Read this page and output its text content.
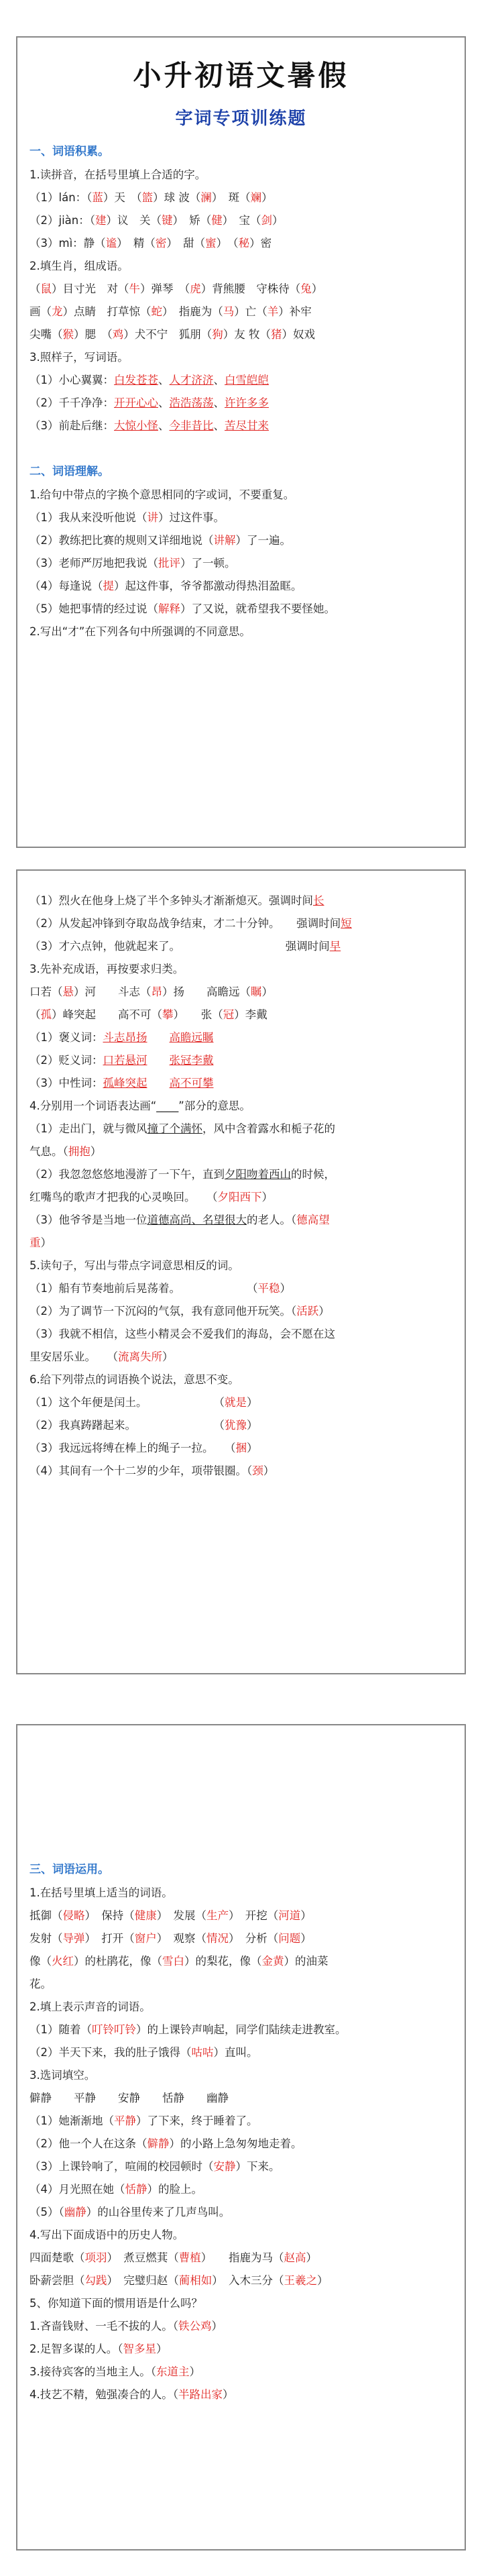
小升初语文暑假
字词专项训练题
一、词语积累。
1.读拼音，在括号里填上合适的字。
（1）lán：（蓝）天　（篮）球 波（澜）　斑（斓）
（2）jiàn：（建）议　关（键）　矫（健）　宝（剑）
（3）mì：静（谧）　精（密）　甜（蜜）　（秘）密
2.填生肖，组成语。
（鼠）目寸光　对（牛）弹琴　（虎）背熊腰　守株待（兔）
画（龙）点睛　打草惊（蛇）　指鹿为（马）亡（羊）补牢
尖嘴（猴）腮　（鸡）犬不宁　狐朋（狗）友 牧（猪）奴戏
3.照样子，写词语。
（1）小心翼翼：白发苍苍、人才济济、白雪皑皑
（2）千千净净：开开心心、浩浩荡荡、许许多多
（3）前赴后继：大惊小怪、今非昔比、苦尽甘来
二、词语理解。
1.给句中带点的字换个意思相同的字或词，不要重复。
（1）我从来没听他说（讲）过这件事。
（2）教练把比赛的规则又详细地说（讲解）了一遍。
（3）老师严厉地把我说（批评）了一顿。
（4）每逢说（提）起这件事，爷爷都激动得热泪盈眶。
（5）她把事情的经过说（解释）了又说，就希望我不要怪她。
2.写出“才”在下列各句中所强调的不同意思。
（1）烈火在他身上烧了半个多钟头才渐渐熄灭。强调时间长
（2）从发起冲锋到夺取岛战争结束，才二十分钟。　　强调时间短
（3）才六点钟，他就起来了。　　　　　　　　　　强调时间早
3.先补充成语，再按要求归类。
口若（悬）河　　斗志（昂）扬　　高瞻远（瞩）
（孤）峰突起　　高不可（攀）　　张（冠）李戴
（1）褒义词：斗志昂扬　　 高瞻远瞩
（2）贬义词：口若悬河　　 张冠李戴
（3）中性词：孤峰突起　　 高不可攀
4.分别用一个词语表达画“____”部分的意思。
（1）走出门，就与微风撞了个满怀，风中含着露水和栀子花的
气息。（拥抱）
（2）我忽忽悠悠地漫游了一下午，直到夕阳吻着西山的时候，
红嘴鸟的歌声才把我的心灵唤回。　　（夕阳西下）
（3）他爷爷是当地一位道德高尚、名望很大的老人。（德高望
重）
5.读句子，写出与带点字词意思相反的词。
（1）船有节奏地前后晃荡着。　　　　　　　（平稳）
（2）为了调节一下沉闷的气氛，我有意同他开玩笑。（活跃）
（3）我就不相信，这些小精灵会不爱我们的海岛，会不愿在这
里安居乐业。　　（流离失所）
6.给下列带点的词语换个说法，意思不变。
（1）这个年便是闰土。　　　　　　　（就是）
（2）我真踌躇起来。　　　　　　　　（犹豫）
（3）我远远将缚在棒上的绳子一拉。　　（捆）
（4）其间有一个十二岁的少年，项带银圈。（颈）
三、词语运用。
1.在括号里填上适当的词语。
抵御（侵略）　保持（健康）　发展（生产）　开挖（河道）
发射（导弹）　打开（窗户）　观察（情况）　分析（问题）
像（火红）的杜鹃花，像（雪白）的梨花，像（金黄）的油菜
花。
2.填上表示声音的词语。
（1）随着（叮铃叮铃）的上课铃声响起，同学们陆续走进教室。
（2）半天下来，我的肚子饿得（咕咕）直叫。
3.选词填空。
僻静　　平静　　安静　　恬静　　幽静
（1）她渐渐地（平静）了下来，终于睡着了。
（2）他一个人在这条（僻静）的小路上急匆匆地走着。
（3）上课铃响了，喧闹的校园顿时（安静）下来。
（4）月光照在她（恬静）的脸上。
（5）（幽静）的山谷里传来了几声鸟叫。
4.写出下面成语中的历史人物。
四面楚歌（项羽）　煮豆燃萁（曹植）　　指鹿为马（赵高）
卧薪尝胆（勾践）　完璧归赵（蔺相如）　入木三分（王羲之）
5、你知道下面的惯用语是什么吗？
1.吝啬钱财、一毛不拔的人。（铁公鸡）
2.足智多谋的人。（智多星）
3.接待宾客的当地主人。（东道主）
4.技艺不精，勉强凑合的人。（半路出家）
